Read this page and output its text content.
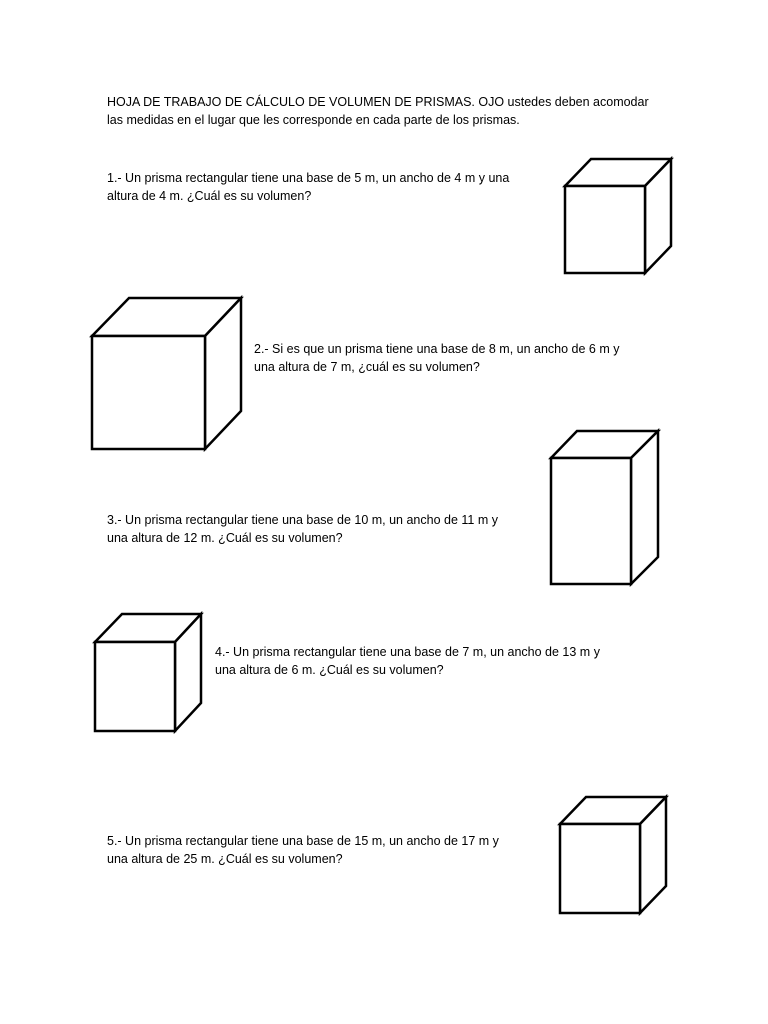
HOJA DE TRABAJO DE CÁLCULO DE VOLUMEN DE PRISMAS. OJO ustedes deben acomodar
las medidas en el lugar que les corresponde en cada parte de los prismas.
1.- Un prisma rectangular tiene una base de 5 m, un ancho de 4 m y una
altura de 4 m. ¿Cuál es su volumen?
2.- Si es que un prisma tiene una base de 8 m, un ancho de 6 m y
una altura de 7 m, ¿cuál es su volumen?
3.- Un prisma rectangular tiene una base de 10 m, un ancho de 11 m y
una altura de 12 m. ¿Cuál es su volumen?
4.- Un prisma rectangular tiene una base de 7 m, un ancho de 13 m y
una altura de 6 m. ¿Cuál es su volumen?
5.- Un prisma rectangular tiene una base de 15 m, un ancho de 17 m y
una altura de 25 m. ¿Cuál es su volumen?
